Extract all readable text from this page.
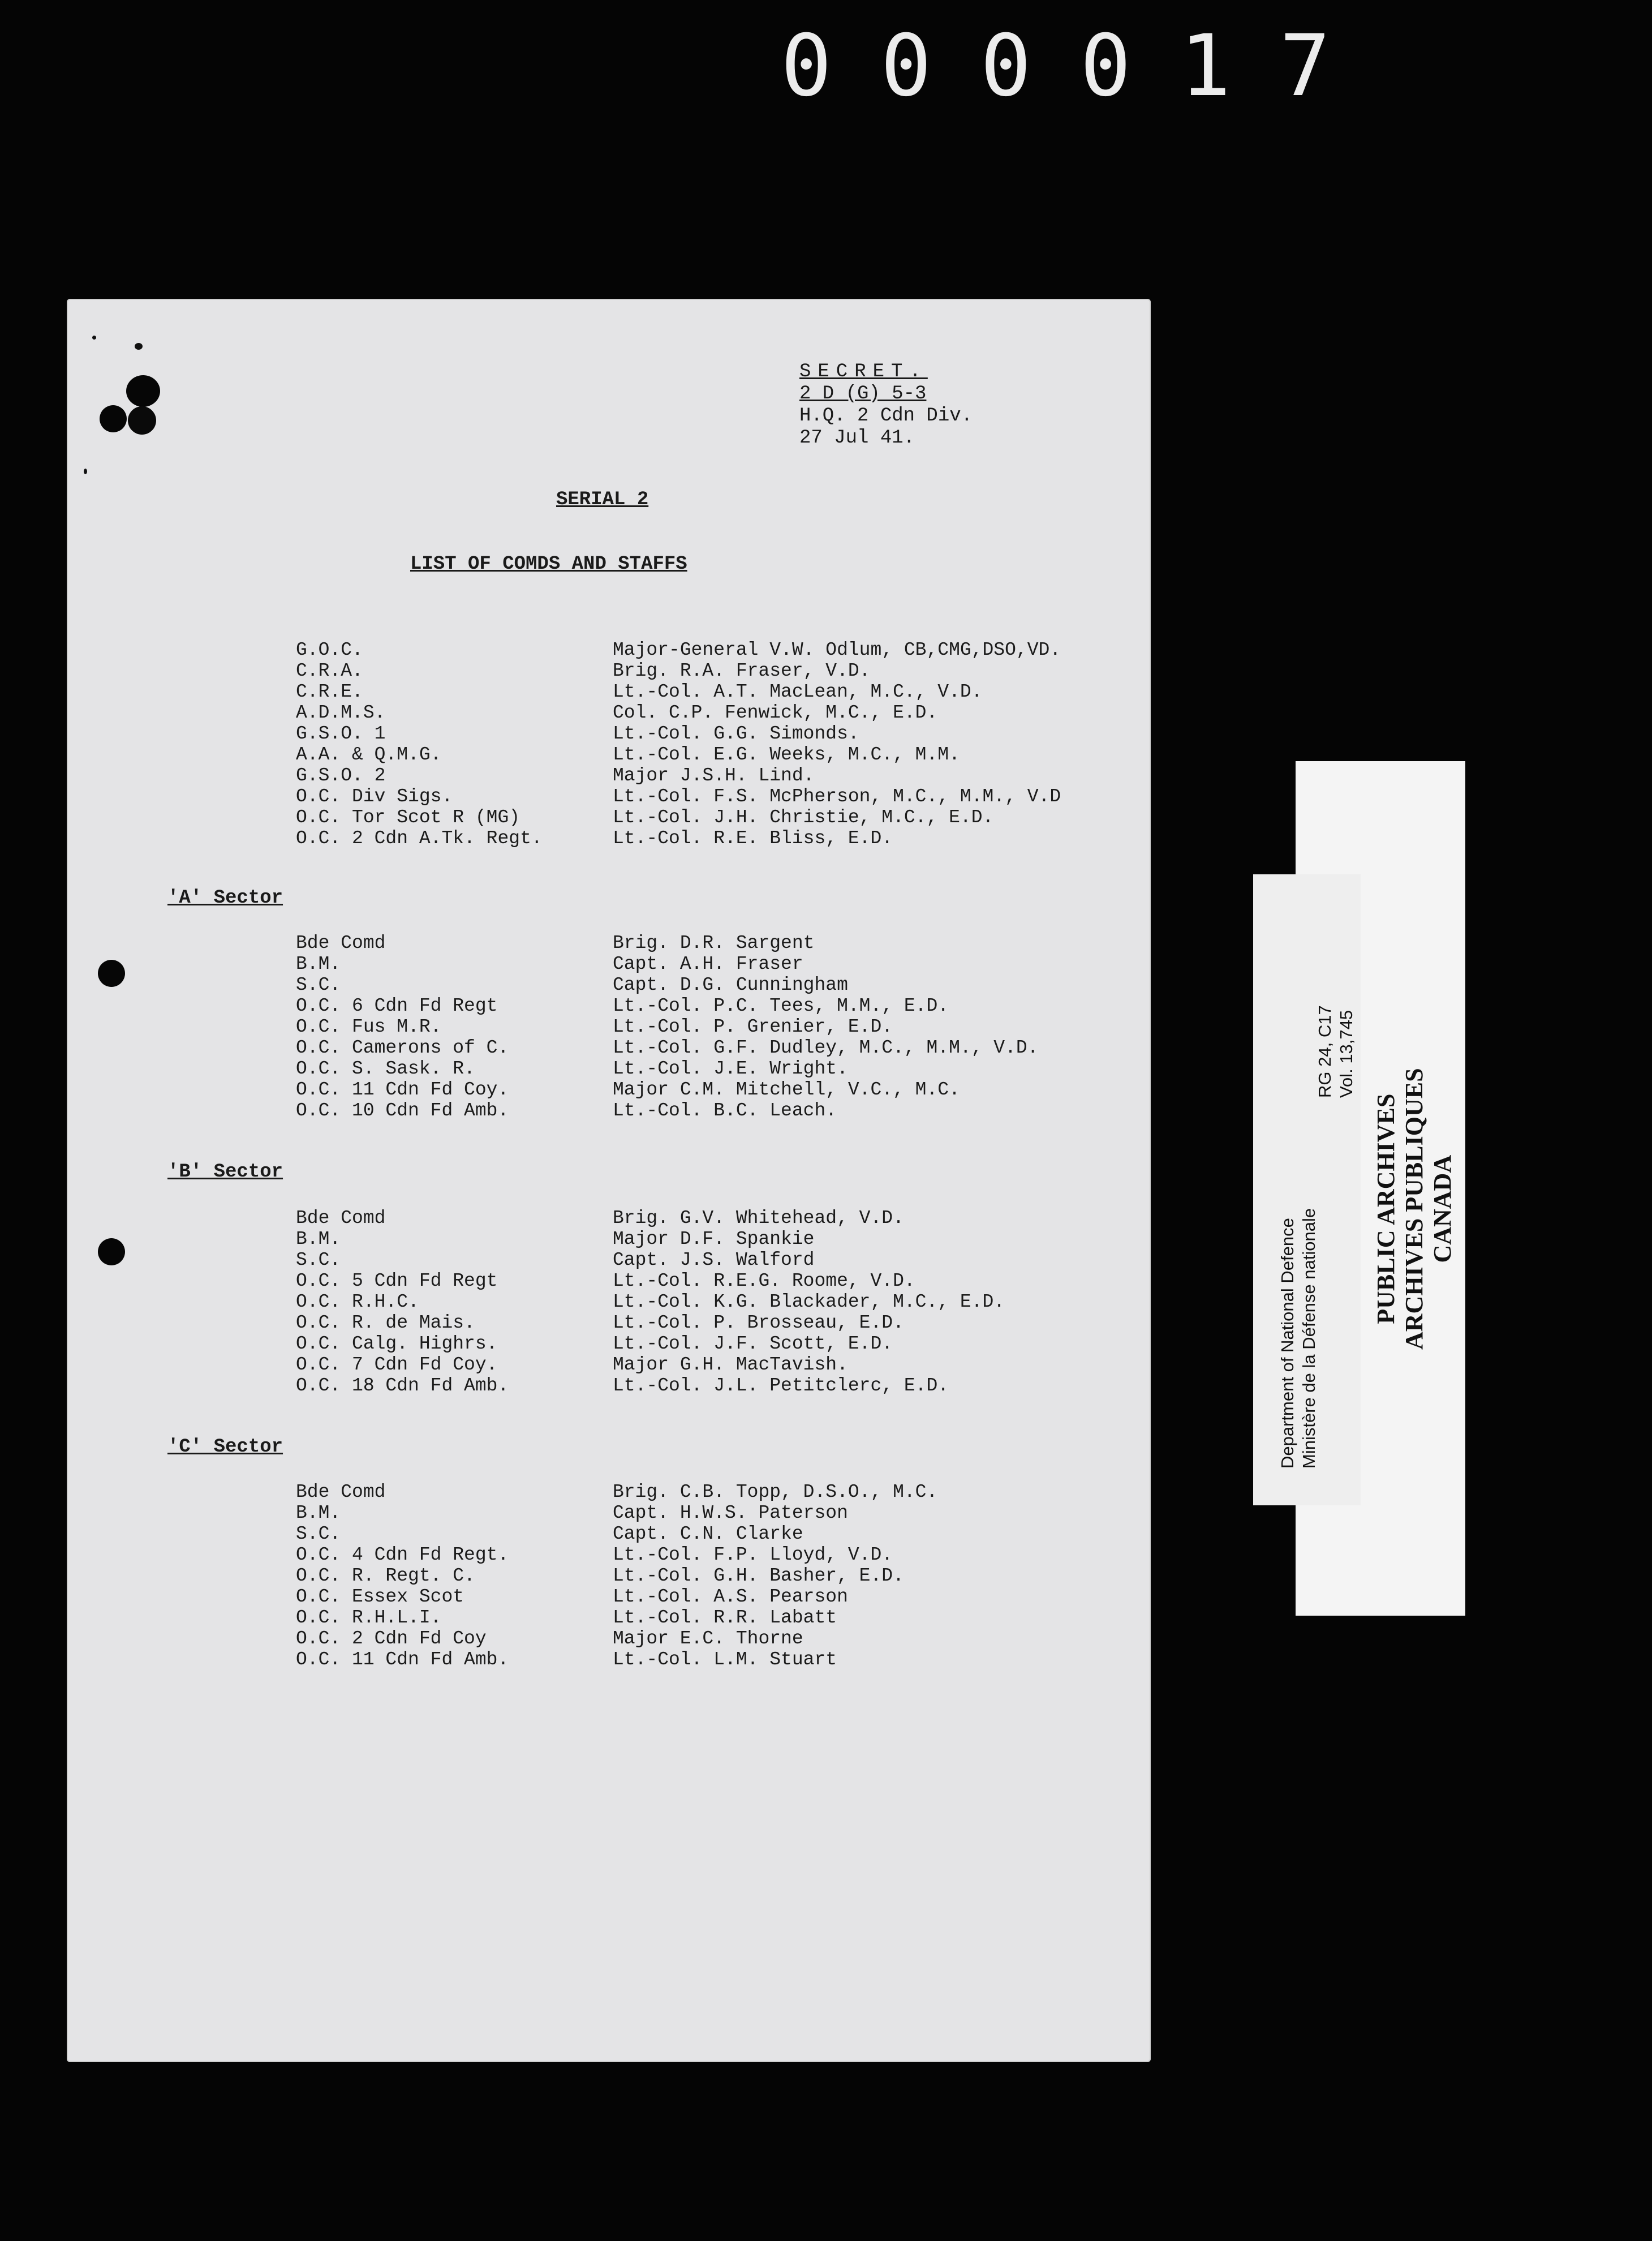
0 0 0 0 1 7
SECRET.
2 D (G) 5-3
H.Q. 2 Cdn Div.
27 Jul 41.
SERIAL 2
LIST OF COMDS AND STAFFS
G.O.C.	Major-General V.W. Odlum, CB,CMG,DSO,VD.
C.R.A.	Brig. R.A. Fraser, V.D.
C.R.E.	Lt.-Col. A.T. MacLean, M.C., V.D.
A.D.M.S.	Col. C.P. Fenwick, M.C., E.D.
G.S.O. 1	Lt.-Col. G.G. Simonds.
A.A. & Q.M.G.	Lt.-Col. E.G. Weeks, M.C., M.M.
G.S.O. 2	Major J.S.H. Lind.
O.C. Div Sigs.	Lt.-Col. F.S. McPherson, M.C., M.M., V.D
O.C. Tor Scot R (MG)	Lt.-Col. J.H. Christie, M.C., E.D.
O.C. 2 Cdn A.Tk. Regt.	Lt.-Col. R.E. Bliss, E.D.
'A' Sector
Bde Comd	Brig. D.R. Sargent
B.M.	Capt. A.H. Fraser
S.C.	Capt. D.G. Cunningham
O.C. 6 Cdn Fd Regt	Lt.-Col. P.C. Tees, M.M., E.D.
O.C. Fus M.R.	Lt.-Col. P. Grenier, E.D.
O.C. Camerons of C.	Lt.-Col. G.F. Dudley, M.C., M.M., V.D.
O.C. S. Sask. R.	Lt.-Col. J.E. Wright.
O.C. 11 Cdn Fd Coy.	Major C.M. Mitchell, V.C., M.C.
O.C. 10 Cdn Fd Amb.	Lt.-Col. B.C. Leach.
'B' Sector
Bde Comd	Brig. G.V. Whitehead, V.D.
B.M.	Major D.F. Spankie
S.C.	Capt. J.S. Walford
O.C. 5 Cdn Fd Regt	Lt.-Col. R.E.G. Roome, V.D.
O.C. R.H.C.	Lt.-Col. K.G. Blackader, M.C., E.D.
O.C. R. de Mais.	Lt.-Col. P. Brosseau, E.D.
O.C. Calg. Highrs.	Lt.-Col. J.F. Scott, E.D.
O.C. 7 Cdn Fd Coy.	Major G.H. MacTavish.
O.C. 18 Cdn Fd Amb.	Lt.-Col. J.L. Petitclerc, E.D.
'C' Sector
Bde Comd	Brig. C.B. Topp, D.S.O., M.C.
B.M.	Capt. H.W.S. Paterson
S.C.	Capt. C.N. Clarke
O.C. 4 Cdn Fd Regt.	Lt.-Col. F.P. Lloyd, V.D.
O.C. R. Regt. C.	Lt.-Col. G.H. Basher, E.D.
O.C. Essex Scot	Lt.-Col. A.S. Pearson
O.C. R.H.L.I.	Lt.-Col. R.R. Labatt
O.C. 2 Cdn Fd Coy	Major E.C. Thorne
O.C. 11 Cdn Fd Amb.	Lt.-Col. L.M. Stuart
PUBLIC ARCHIVES ARCHIVES PUBLIQUES CANADA
Department of National Defence Ministère de la Défense nationale
RG 24, C17 Vol. 13,745
